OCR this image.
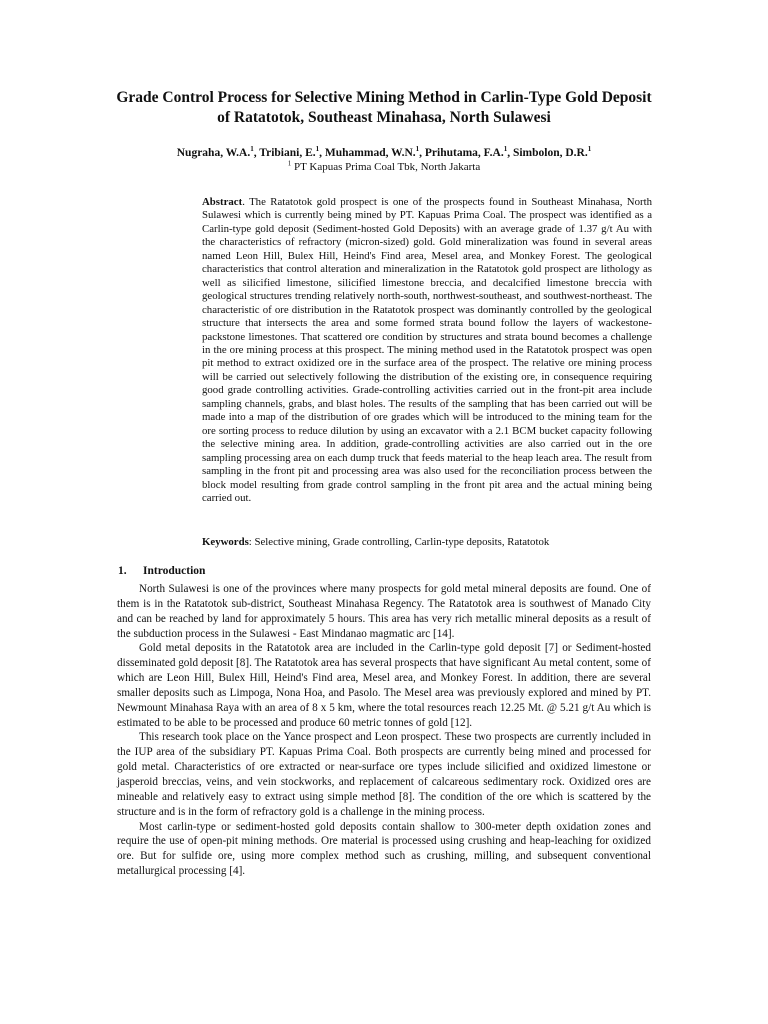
Grade Control Process for Selective Mining Method in Carlin-Type Gold Deposit of Ratatotok, Southeast Minahasa, North Sulawesi
Nugraha, W.A.$^1$, Tribiani, E.$^1$, Muhammad, W.N.$^1$, Prihutama, F.A.$^1$, Simbolon, D.R.$^1$
$^1$ PT Kapuas Prima Coal Tbk, North Jakarta
Abstract. The Ratatotok gold prospect is one of the prospects found in Southeast Minahasa, North Sulawesi which is currently being mined by PT. Kapuas Prima Coal. The prospect was identified as a Carlin-type gold deposit (Sediment-hosted Gold Deposits) with an average grade of 1.37 g/t Au with the characteristics of refractory (micron-sized) gold. Gold mineralization was found in several areas named Leon Hill, Bulex Hill, Heind's Find area, Mesel area, and Monkey Forest. The geological characteristics that control alteration and mineralization in the Ratatotok gold prospect are lithology as well as silicified limestone, silicified limestone breccia, and decalcified limestone breccia with geological structures trending relatively north-south, northwest-southeast, and southwest-northeast. The characteristic of ore distribution in the Ratatotok prospect was dominantly controlled by the geological structure that intersects the area and some formed strata bound follow the layers of wackestone-packstone limestones. That scattered ore condition by structures and strata bound becomes a challenge in the ore mining process at this prospect. The mining method used in the Ratatotok prospect was open pit method to extract oxidized ore in the surface area of the prospect. The relative ore mining process will be carried out selectively following the distribution of the existing ore, in consequence requiring good grade controlling activities. Grade-controlling activities carried out in the front-pit area include sampling channels, grabs, and blast holes. The results of the sampling that has been carried out will be made into a map of the distribution of ore grades which will be introduced to the mining team for the ore sorting process to reduce dilution by using an excavator with a 2.1 BCM bucket capacity following the selective mining area. In addition, grade-controlling activities are also carried out in the ore sampling processing area on each dump truck that feeds material to the heap leach area. The result from sampling in the front pit and processing area was also used for the reconciliation process between the block model resulting from grade control sampling in the front pit area and the actual mining being carried out.
Keywords: Selective mining, Grade controlling, Carlin-type deposits, Ratatotok
1. Introduction

North Sulawesi is one of the provinces where many prospects for gold metal mineral deposits are found. One of them is in the Ratatotok sub-district, Southeast Minahasa Regency. The Ratatotok area is southwest of Manado City and can be reached by land for approximately 5 hours. This area has very rich metallic mineral deposits as a result of the subduction process in the Sulawesi - East Mindanao magmatic arc [14].

Gold metal deposits in the Ratatotok area are included in the Carlin-type gold deposit [7] or Sediment-hosted disseminated gold deposit [8]. The Ratatotok area has several prospects that have significant Au metal content, some of which are Leon Hill, Bulex Hill, Heind's Find area, Mesel area, and Monkey Forest. In addition, there are several smaller deposits such as Limpoga, Nona Hoa, and Pasolo. The Mesel area was previously explored and mined by PT. Newmount Minahasa Raya with an area of 8 x 5 km, where the total resources reach 12.25 Mt. @ 5.21 g/t Au which is estimated to be able to be processed and produce 60 metric tonnes of gold [12].

This research took place on the Yance prospect and Leon prospect. These two prospects are currently included in the IUP area of the subsidiary PT. Kapuas Prima Coal. Both prospects are currently being mined and processed for gold metal. Characteristics of ore extracted or near-surface ore types include silicified and oxidized limestone or jasperoid breccias, veins, and vein stockworks, and replacement of calcareous sedimentary rock. Oxidized ores are mineable and relatively easy to extract using simple method [8]. The condition of the ore which is scattered by the structure and is in the form of refractory gold is a challenge in the mining process.

Most carlin-type or sediment-hosted gold deposits contain shallow to 300-meter depth oxidation zones and require the use of open-pit mining methods. Ore material is processed using crushing and heap-leaching for oxidized ore. But for sulfide ore, using more complex method such as crushing, milling, and subsequent conventional metallurgical processing [4].
